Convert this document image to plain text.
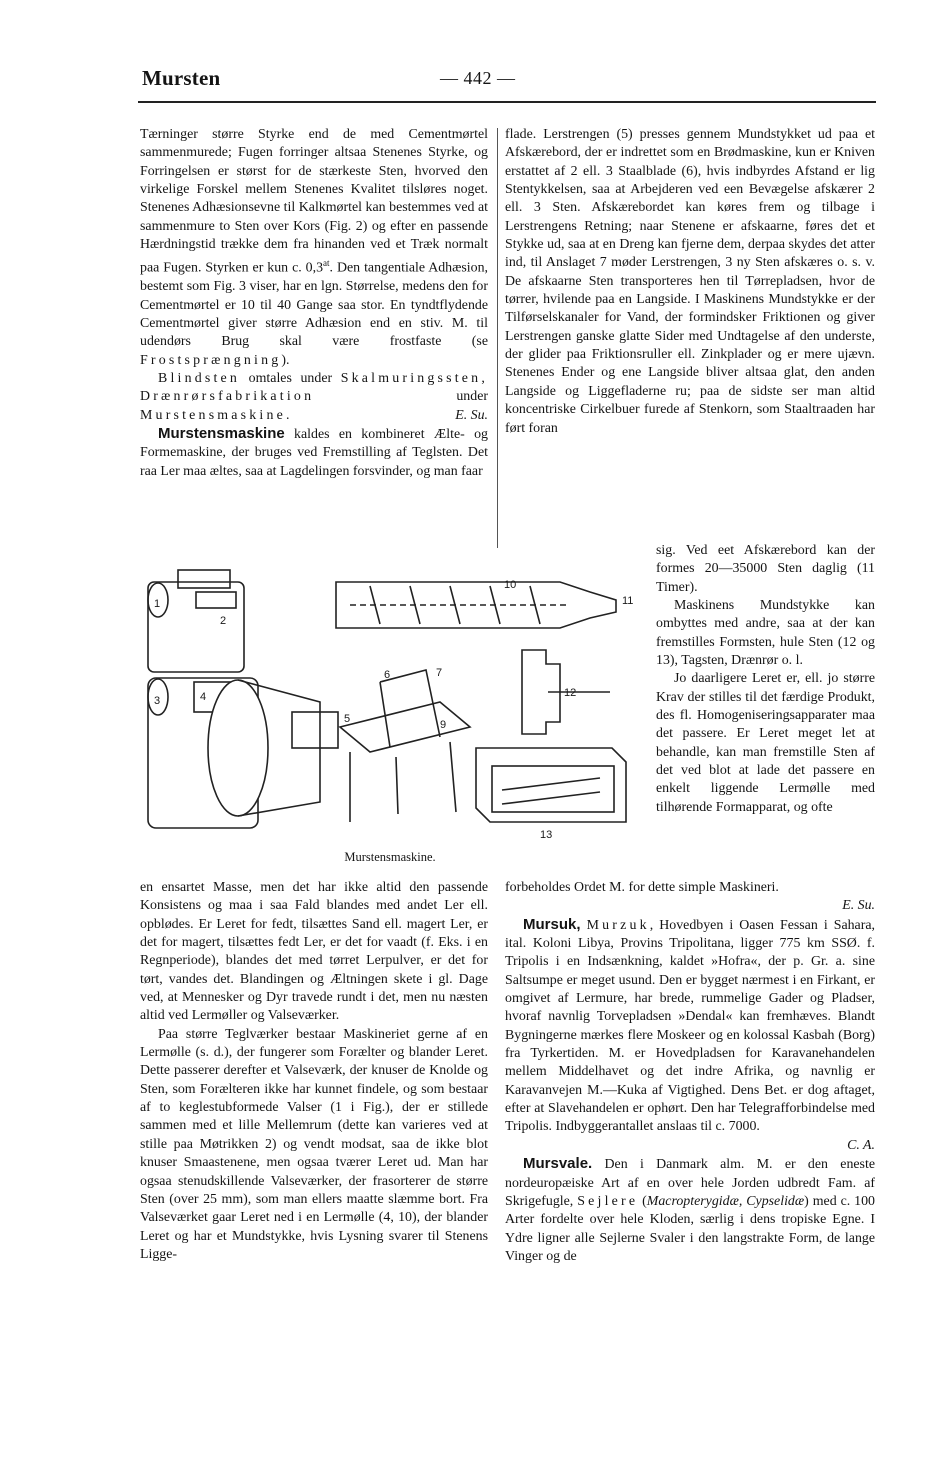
Mursten	— 442 —

Tærninger større Styrke end de med Cementmørtel sammenmurede; Fugen forringer altsaa Stenenes Styrke, og Forringelsen er størst for de stærkeste Sten, hvorved den virkelige Forskel mellem Stenenes Kvalitet tilsløres noget. Stenenes Adhæsionsevne til Kalkmørtel kan bestemmes ved at sammenmure to Sten over Kors (Fig. 2) og efter en passende Hærdningstid trække dem fra hinanden ved et Træk normalt paa Fugen. Styrken er kun c. $0,3^{at}$. Den tangentiale Adhæsion, bestemt som Fig. 3 viser, har en lgn. Størrelse, medens den for Cementmørtel er 10 til 40 Gange saa stor. En tyndtflydende Cementmørtel giver større Adhæsion end en stiv. M. til udendørs Brug skal være frostfaste (se Frostsprængning).

Blindsten omtales under Skalmuringssten, Drænrørsfabrikation under Murstensmaskine.	E. Su.

Murstensmaskine kaldes en kombineret Ælte- og Formemaskine, der bruges ved Fremstilling af Teglsten. Det raa Ler maa æltes, saa at Lagdelingen forsvinder, og man faar

flade. Lerstrengen (5) presses gennem Mundstykket ud paa et Afskærebord, der er indrettet som en Brødmaskine, kun er Kniven erstattet af 2 ell. 3 Staalblade (6), hvis indbyrdes Afstand er lig Stentykkelsen, saa at Arbejderen ved een Bevægelse afskærer 2 ell. 3 Sten. Afskærebordet kan køres frem og tilbage i Lerstrengens Retning; naar Stenene er afskaarne, føres det et Stykke ud, saa at en Dreng kan fjerne dem, derpaa skydes det atter ind, til Anslaget 7 møder Lerstrengen, 3 ny Sten afskæres o. s. v. De afskaarne Sten transporteres hen til Tørrepladsen, hvor de tørrer, hvilende paa en Langside. I Maskinens Mundstykke er der Tilførselskanaler for Vand, der formindsker Friktionen og giver Lerstrengen ganske glatte Sider med Undtagelse af den underste, der glider paa Friktionsruller ell. Zinkplader og er mere ujævn. Stenenes Ender og ene Langside bliver altsaa glat, den anden Langside og Liggefladerne ru; paa de sidste ser man altid koncentriske Cirkelbuer furede af Stenkorn, som Staaltraaden har ført foran

sig. Ved eet Afskærebord kan der formes 20—35000 Sten daglig (11 Timer).

Maskinens Mundstykke kan ombyttes med andre, saa at der kan fremstilles Formsten, hule Sten (12 og 13), Tagsten, Drænrør o. l.

Jo daarligere Leret er, ell. jo større Krav der stilles til det færdige Produkt, des fl. Homogeniseringsapparater maa det passere. Er Leret meget let at behandle, kan man fremstille Sten af det ved blot at lade det passere en enkelt liggende Lermølle med tilhørende Formapparat, og ofte

1
2
3	4
5
6	7
9
10
11
12
13
Murstensmaskine.

en ensartet Masse, men det har ikke altid den passende Konsistens og maa i saa Fald blandes med andet Ler ell. opblødes. Er Leret for fedt, tilsættes Sand ell. magert Ler, er det for magert, tilsættes fedt Ler, er det for vaadt (f. Eks. i en Regnperiode), blandes det med tørret Lerpulver, er det for tørt, vandes det. Blandingen og Æltningen skete i gl. Dage ved, at Mennesker og Dyr travede rundt i det, men nu næsten altid ved Lermøller og Valseværker.

Paa større Teglværker bestaar Maskineriet gerne af en Lermølle (s. d.), der fungerer som Forælter og blander Leret. Dette passerer derefter et Valseværk, der knuser de Knolde og Sten, som Forælteren ikke har kunnet findele, og som bestaar af to keglestubformede Valser (1 i Fig.), der er stillede sammen med et lille Mellemrum (dette kan varieres ved at stille paa Møtrikken 2) og vendt modsat, saa de ikke blot knuser Smaastenene, men ogsaa tværer Leret ud. Man har ogsaa stenudskillende Valseværker, der frasorterer de større Sten (over 25 mm), som man ellers maatte slæmme bort. Fra Valseværket gaar Leret ned i en Lermølle (4, 10), der blander Leret og har et Mundstykke, hvis Lysning svarer til Stenens Ligge-

forbeholdes Ordet M. for dette simple Maskineri.
E. Su.

Mursuk, Murzuk, Hovedbyen i Oasen Fessan i Sahara, ital. Koloni Libya, Provins Tripolitana, ligger 775 km SSØ. f. Tripolis i en Indsænkning, kaldet »Hofra«, der p. Gr. a. sine Saltsumpe er meget usund. Den er bygget nærmest i en Firkant, er omgivet af Lermure, har brede, rummelige Gader og Pladser, hvoraf navnlig Torvepladsen »Dendal« kan fremhæves. Blandt Bygningerne mærkes flere Moskeer og en kolossal Kasbah (Borg) fra Tyrkertiden. M. er Hovedpladsen for Karavanehandelen mellem Middelhavet og det indre Afrika, og navnlig er Karavanvejen M.—Kuka af Vigtighed. Dens Bet. er dog aftaget, efter at Slavehandelen er ophørt. Den har Telegrafforbindelse med Tripolis. Indbyggerantallet anslaas til c. 7000.
C. A.

Mursvale. Den i Danmark alm. M. er den eneste nordeuropæiske Art af en over hele Jorden udbredt Fam. af Skrigefugle, Sejlere (Macropterygidæ, Cypselidæ) med c. 100 Arter fordelte over hele Kloden, særlig i dens tropiske Egne. I Ydre ligner alle Sejlerne Svaler i den langstrakte Form, de lange Vinger og de
